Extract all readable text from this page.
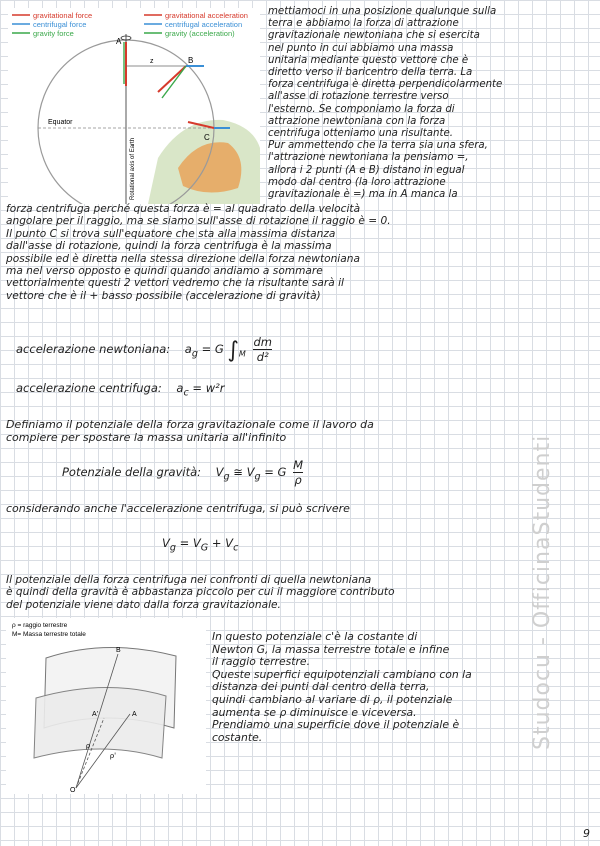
gravitational force
centrifugal force
gravity force
gravitational acceleration
centrifugal acceleration
gravity (acceleration)
A
B
z
C
Equator
Rotational axis of Earth
mettiamoci in una posizione qualunque sulla
terra e abbiamo la forza di attrazione
gravitazionale newtoniana che si esercita
nel punto in cui abbiamo una massa
unitaria mediante questo vettore che è
diretto verso il baricentro della terra. La
forza centrifuga è diretta perpendicolarmente
all'asse di rotazione terrestre verso
l'esterno. Se componiamo la forza di
attrazione newtoniana con la forza
centrifuga otteniamo una risultante.
Pur ammettendo che la terra sia una sfera,
l'attrazione newtoniana la pensiamo =,
allora i 2 punti (A e B) distano in egual
modo dal centro (la loro attrazione
gravitazionale è =) ma in A manca la
forza centrifuga perché questa forza è = al quadrato della velocità
angolare per il raggio, ma se siamo sull'asse di rotazione il raggio è = 0.
Il punto C si trova sull'equatore che sta alla massima distanza
dall'asse di rotazione, quindi la forza centrifuga è la massima
possibile ed è diretta nella stessa direzione della forza newtoniana
ma nel verso opposto e quindi quando andiamo a sommare
vettorialmente questi 2 vettori vedremo che la risultante sarà il
vettore che è il + basso possibile (accelerazione di gravità)
accelerazione newtoniana: $a_g = G$ $\int_M \frac{dm}{\text{d²}}$
accelerazione centrifuga: $a_c = w^2r$
Definiamo il potenziale della forza gravitazionale come il lavoro da
compiere per spostare la massa unitaria all'infinito
Potenziale della gravità: $V_g$ ≅ $V_g = G \frac{M}{\rho}$
considerando anche l'accelerazione centrifuga, si può scrivere
$V_g = V_G + V_c$
Il potenziale della forza centrifuga nei confronti di quella newtoniana
è quindi della gravità è abbastanza piccolo per cui il maggiore contributo
del potenziale viene dato dalla forza gravitazionale.
ρ = raggio terrestre
M= Massa terrestre totale
B
A
A'
O
ρ
ρ'
In questo potenziale c'è la costante di
Newton G, la massa terrestre totale e infine
il raggio terrestre.
Queste superfici equipotenziali cambiano con la
distanza dei punti dal centro della terra,
quindi cambiano al variare di ρ, il potenziale
aumenta se ρ diminuisce e viceversa.
Prendiamo una superficie dove il potenziale è
costante.	Studocu - OfficinaStudenti
9
